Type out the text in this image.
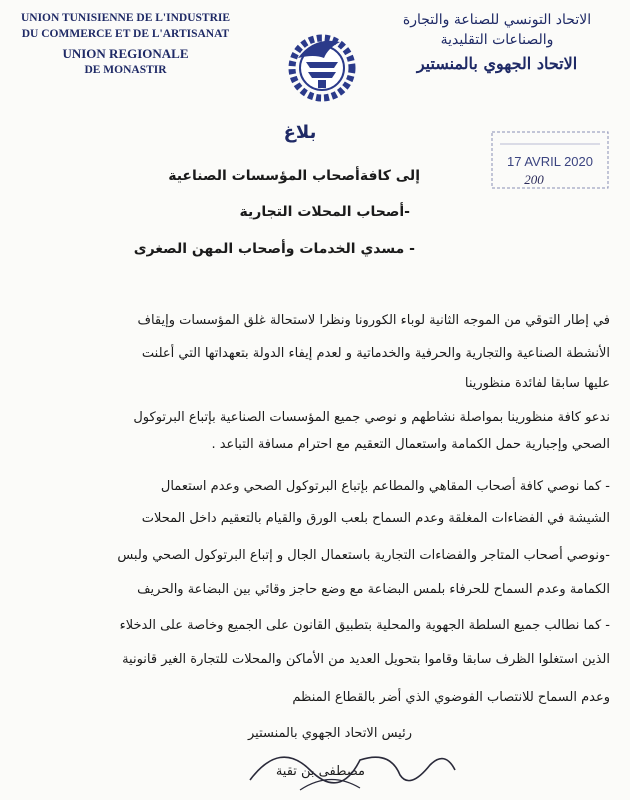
UNION TUNISIENNE DE L'INDUSTRIE
DU COMMERCE ET DE L'ARTISANAT
UNION REGIONALE
DE MONASTIR
الاتحاد التونسي للصناعة والتجارة
والصناعات التقليدية
الاتحاد الجهوي بالمنستير
17 AVRIL 2020
200
بلاغ
إلى كافةأصحاب المؤسسات الصناعية
-أصحاب المحلات التجارية
- مسدي الخدمات وأصحاب المهن الصغرى
في إطار التوقي من الموجه الثانية لوباء الكورونا ونظرا لاستحالة غلق المؤسسات وإيقاف
الأنشطة الصناعية والتجارية والحرفية والخدماتية و لعدم إيفاء الدولة بتعهداتها التي أعلنت
عليها سابقا لفائدة منظورينا
ندعو كافة منظورينا بمواصلة نشاطهم و نوصي جميع المؤسسات الصناعية بإتباع البرتوكول
الصحي وإجبارية حمل الكمامة واستعمال التعقيم مع احترام مسافة التباعد .
- كما نوصي كافة أصحاب المقاهي والمطاعم بإتباع البرتوكول الصحي وعدم استعمال
الشيشة في الفضاءات المغلقة وعدم السماح بلعب الورق والقيام بالتعقيم داخل المحلات
-ونوصي أصحاب المتاجر والفضاءات التجارية باستعمال الجال و إتباع البرتوكول الصحي ولبس
الكمامة وعدم السماح للحرفاء بلمس البضاعة مع وضع حاجز وقائي بين البضاعة والحريف
- كما نطالب جميع السلطة الجهوية والمحلية بتطبيق القانون على الجميع وخاصة على الدخلاء
الذين استغلوا الظرف سابقا وقاموا بتحويل العديد من الأماكن والمحلات للتجارة الغير قانونية
وعدم السماح للانتصاب الفوضوي الذي أضر بالقطاع المنظم
رئيس الاتحاد الجهوي بالمنستير
مصطفى بن تقية
